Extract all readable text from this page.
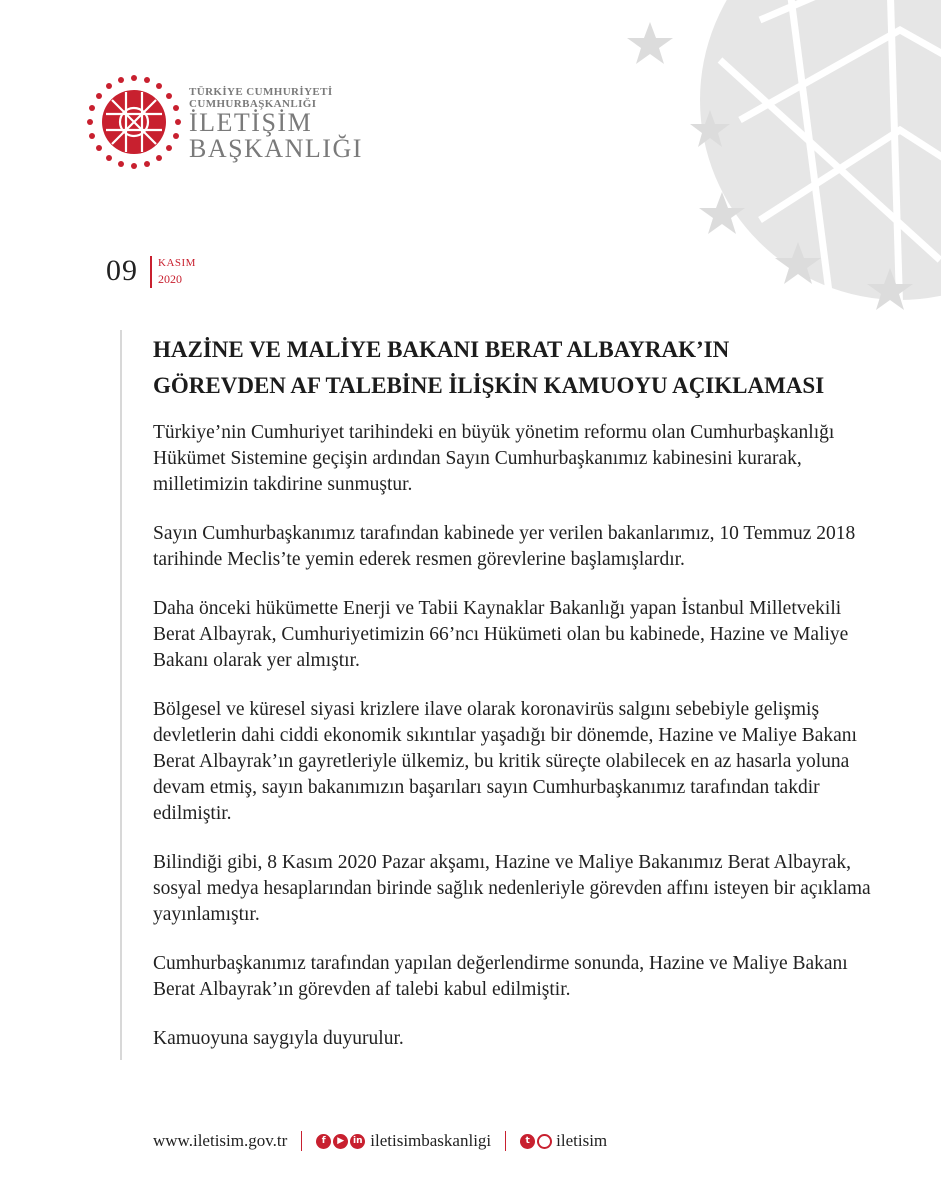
TÜRKİYE CUMHURİYETİ
CUMHURBAŞKANLIĞI
İLETİŞİM
BAŞKANLIĞI
09 KASIM
2020
HAZİNE VE MALİYE BAKANI BERAT ALBAYRAK’IN
GÖREVDEN AF TALEBİNE İLİŞKİN KAMUOYU AÇIKLAMASI

Türkiye’nin Cumhuriyet tarihindeki en büyük yönetim reformu olan Cumhurbaşkanlığı Hükümet Sistemine geçişin ardından Sayın Cumhurbaşkanımız kabinesini kurarak, milletimizin takdirine sunmuştur.

Sayın Cumhurbaşkanımız tarafından kabinede yer verilen bakanlarımız, 10 Temmuz 2018 tarihinde Meclis’te yemin ederek resmen görevlerine başlamışlardır.

Daha önceki hükümette Enerji ve Tabii Kaynaklar Bakanlığı yapan İstanbul Milletvekili Berat Albayrak, Cumhuriyetimizin 66’ncı Hükümeti olan bu kabinede, Hazine ve Maliye Bakanı olarak yer almıştır.

Bölgesel ve küresel siyasi krizlere ilave olarak koronavirüs salgını sebebiyle gelişmiş devletlerin dahi ciddi ekonomik sıkıntılar yaşadığı bir dönemde, Hazine ve Maliye Bakanı Berat Albayrak’ın gayretleriyle ülkemiz, bu kritik süreçte olabilecek en az hasarla yoluna devam etmiş, sayın bakanımızın başarıları sayın Cumhurbaşkanımız tarafından takdir edilmiştir.

Bilindiği gibi, 8 Kasım 2020 Pazar akşamı, Hazine ve Maliye Bakanımız Berat Albayrak, sosyal medya hesaplarından birinde sağlık nedenleriyle görevden affını isteyen bir açıklama yayınlamıştır.

Cumhurbaşkanımız tarafından yapılan değerlendirme sonunda, Hazine ve Maliye Bakanı Berat Albayrak’ın görevden af talebi kabul edilmiştir.

Kamuoyuna saygıyla duyurulur.

www.iletisim.gov.tr	f	▶ in iletisimbaskanligi	t	iletisim
